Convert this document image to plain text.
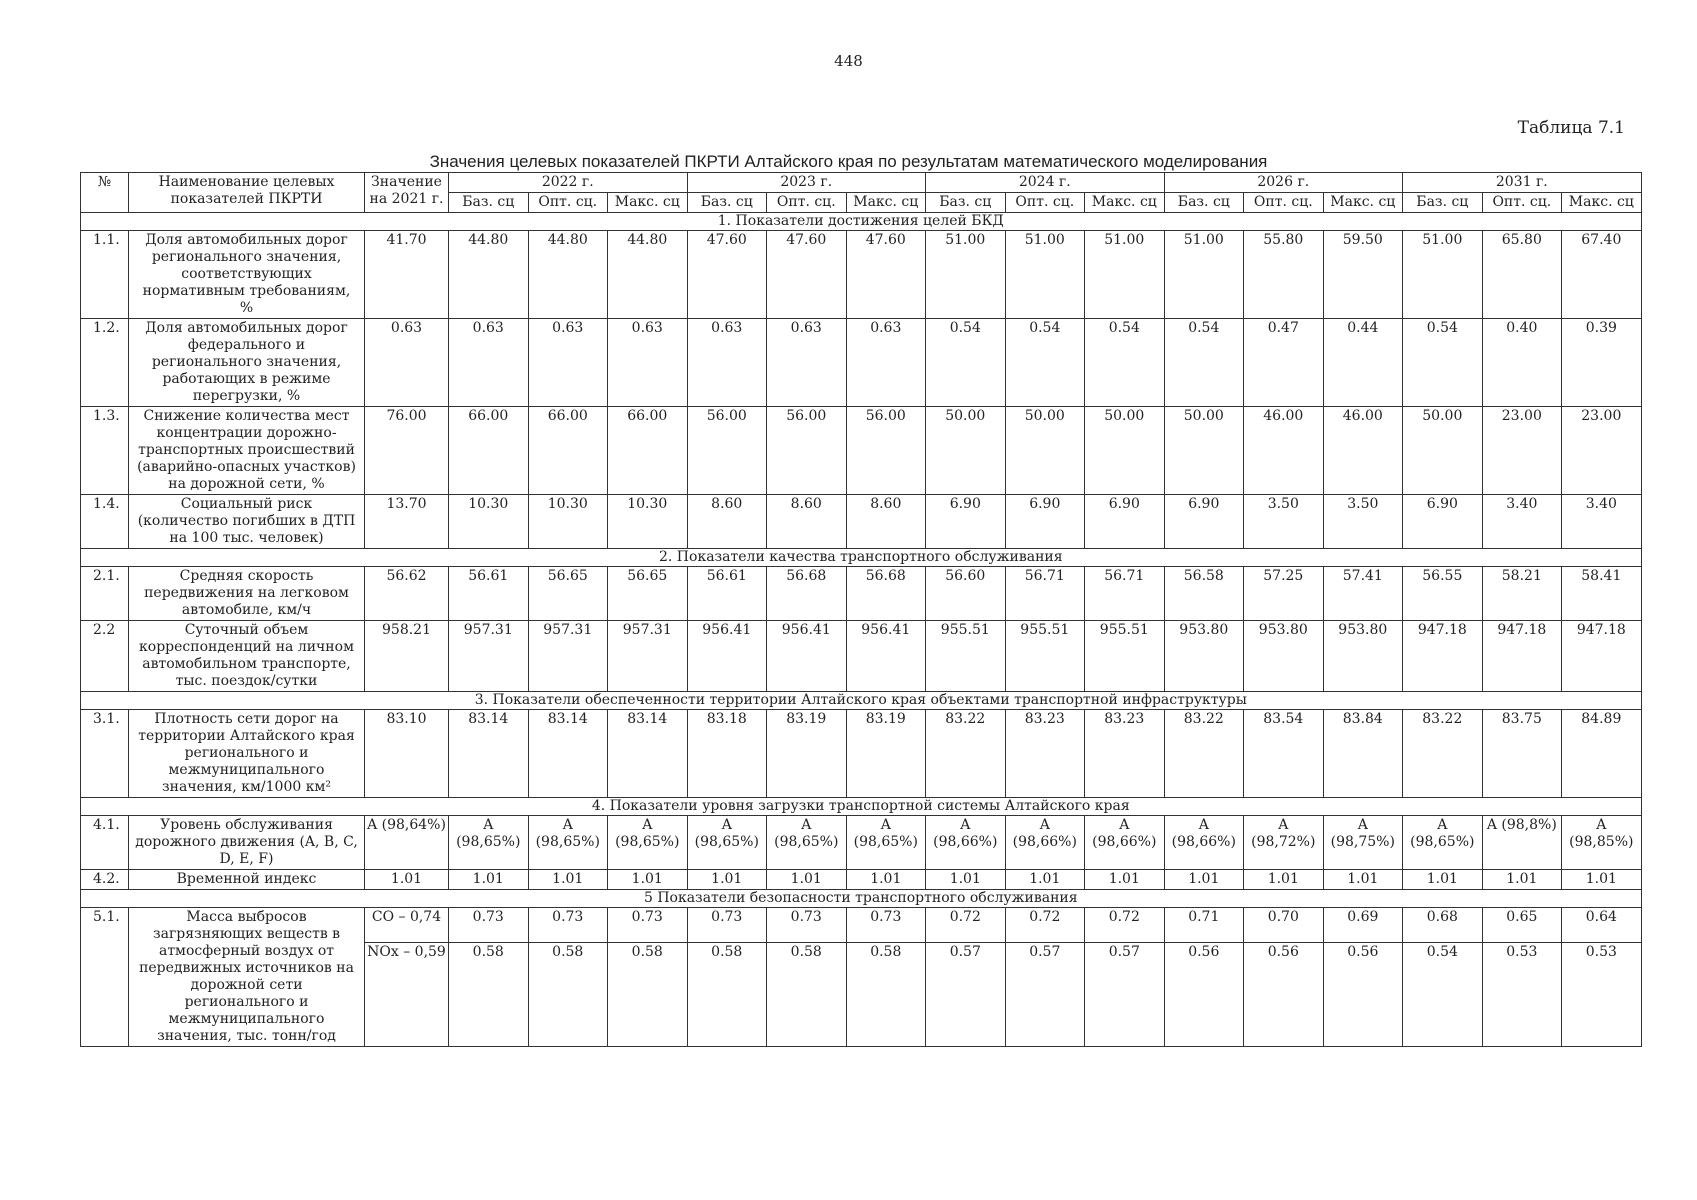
448
Таблица 7.1
Значения целевых показателей ПКРТИ Алтайского края по результатам математического моделирования
№	Наименование целевых показателей ПКРТИ	Значение на 2021 г.	2022 г.			2023 г.			2024 г.			2026 г.			2031 г.		
			Баз. сц	Опт. сц.	Макс. сц	Баз. сц	Опт. сц.	Макс. сц	Баз. сц	Опт. сц.	Макс. сц	Баз. сц	Опт. сц.	Макс. сц	Баз. сц	Опт. сц.	Макс. сц
1. Показатели достижения целей БКД																	
1.1.	Доля автомобильных дорог регионального значения, соответствующих нормативным требованиям, %	41.70	44.80	44.80	44.80	47.60	47.60	47.60	51.00	51.00	51.00	51.00	55.80	59.50	51.00	65.80	67.40
1.2.	Доля автомобильных дорог федерального и регионального значения, работающих в режиме перегрузки, %	0.63	0.63	0.63	0.63	0.63	0.63	0.63	0.54	0.54	0.54	0.54	0.47	0.44	0.54	0.40	0.39
1.3.	Снижение количества мест концентрации дорожно-транспортных происшествий (аварийно-опасных участков) на дорожной сети, %	76.00	66.00	66.00	66.00	56.00	56.00	56.00	50.00	50.00	50.00	50.00	46.00	46.00	50.00	23.00	23.00
1.4.	Социальный риск (количество погибших в ДТП на 100 тыс. человек)	13.70	10.30	10.30	10.30	8.60	8.60	8.60	6.90	6.90	6.90	6.90	3.50	3.50	6.90	3.40	3.40
2. Показатели качества транспортного обслуживания																	
2.1.	Средняя скорость передвижения на легковом автомобиле, км/ч	56.62	56.61	56.65	56.65	56.61	56.68	56.68	56.60	56.71	56.71	56.58	57.25	57.41	56.55	58.21	58.41
2.2	Суточный объем корреспонденций на личном автомобильном транспорте, тыс. поездок/сутки	958.21	957.31	957.31	957.31	956.41	956.41	956.41	955.51	955.51	955.51	953.80	953.80	953.80	947.18	947.18	947.18
3. Показатели обеспеченности территории Алтайского края объектами транспортной инфраструктуры																	
3.1.	Плотность сети дорог на территории Алтайского края регионального и межмуниципального значения, км/1000 км²	83.10	83.14	83.14	83.14	83.18	83.19	83.19	83.22	83.23	83.23	83.22	83.54	83.84	83.22	83.75	84.89
4. Показатели уровня загрузки транспортной системы Алтайского края																	
4.1.	Уровень обслуживания дорожного движения (A, B, C, D, E, F)	A (98,64%)	A (98,65%)	A (98,65%)	A (98,65%)	A (98,65%)	A (98,65%)	A (98,65%)	A (98,66%)	A (98,66%)	A (98,66%)	A (98,66%)	A (98,72%)	A (98,75%)	A (98,65%)	A (98,8%)	A (98,85%)
4.2.	Временной индекс	1.01	1.01	1.01	1.01	1.01	1.01	1.01	1.01	1.01	1.01	1.01	1.01	1.01	1.01	1.01	1.01
5 Показатели безопасности транспортного обслуживания																	
5.1.	Масса выбросов загрязняющих веществ в атмосферный воздух от передвижных источников на дорожной сети регионального и межмуниципального значения, тыс. тонн/год	CO – 0,74	0.73	0.73	0.73	0.73	0.73	0.73	0.72	0.72	0.72	0.71	0.70	0.69	0.68	0.65	0.64
		NOx – 0,59	0.58	0.58	0.58	0.58	0.58	0.58	0.57	0.57	0.57	0.56	0.56	0.56	0.54	0.53	0.53
